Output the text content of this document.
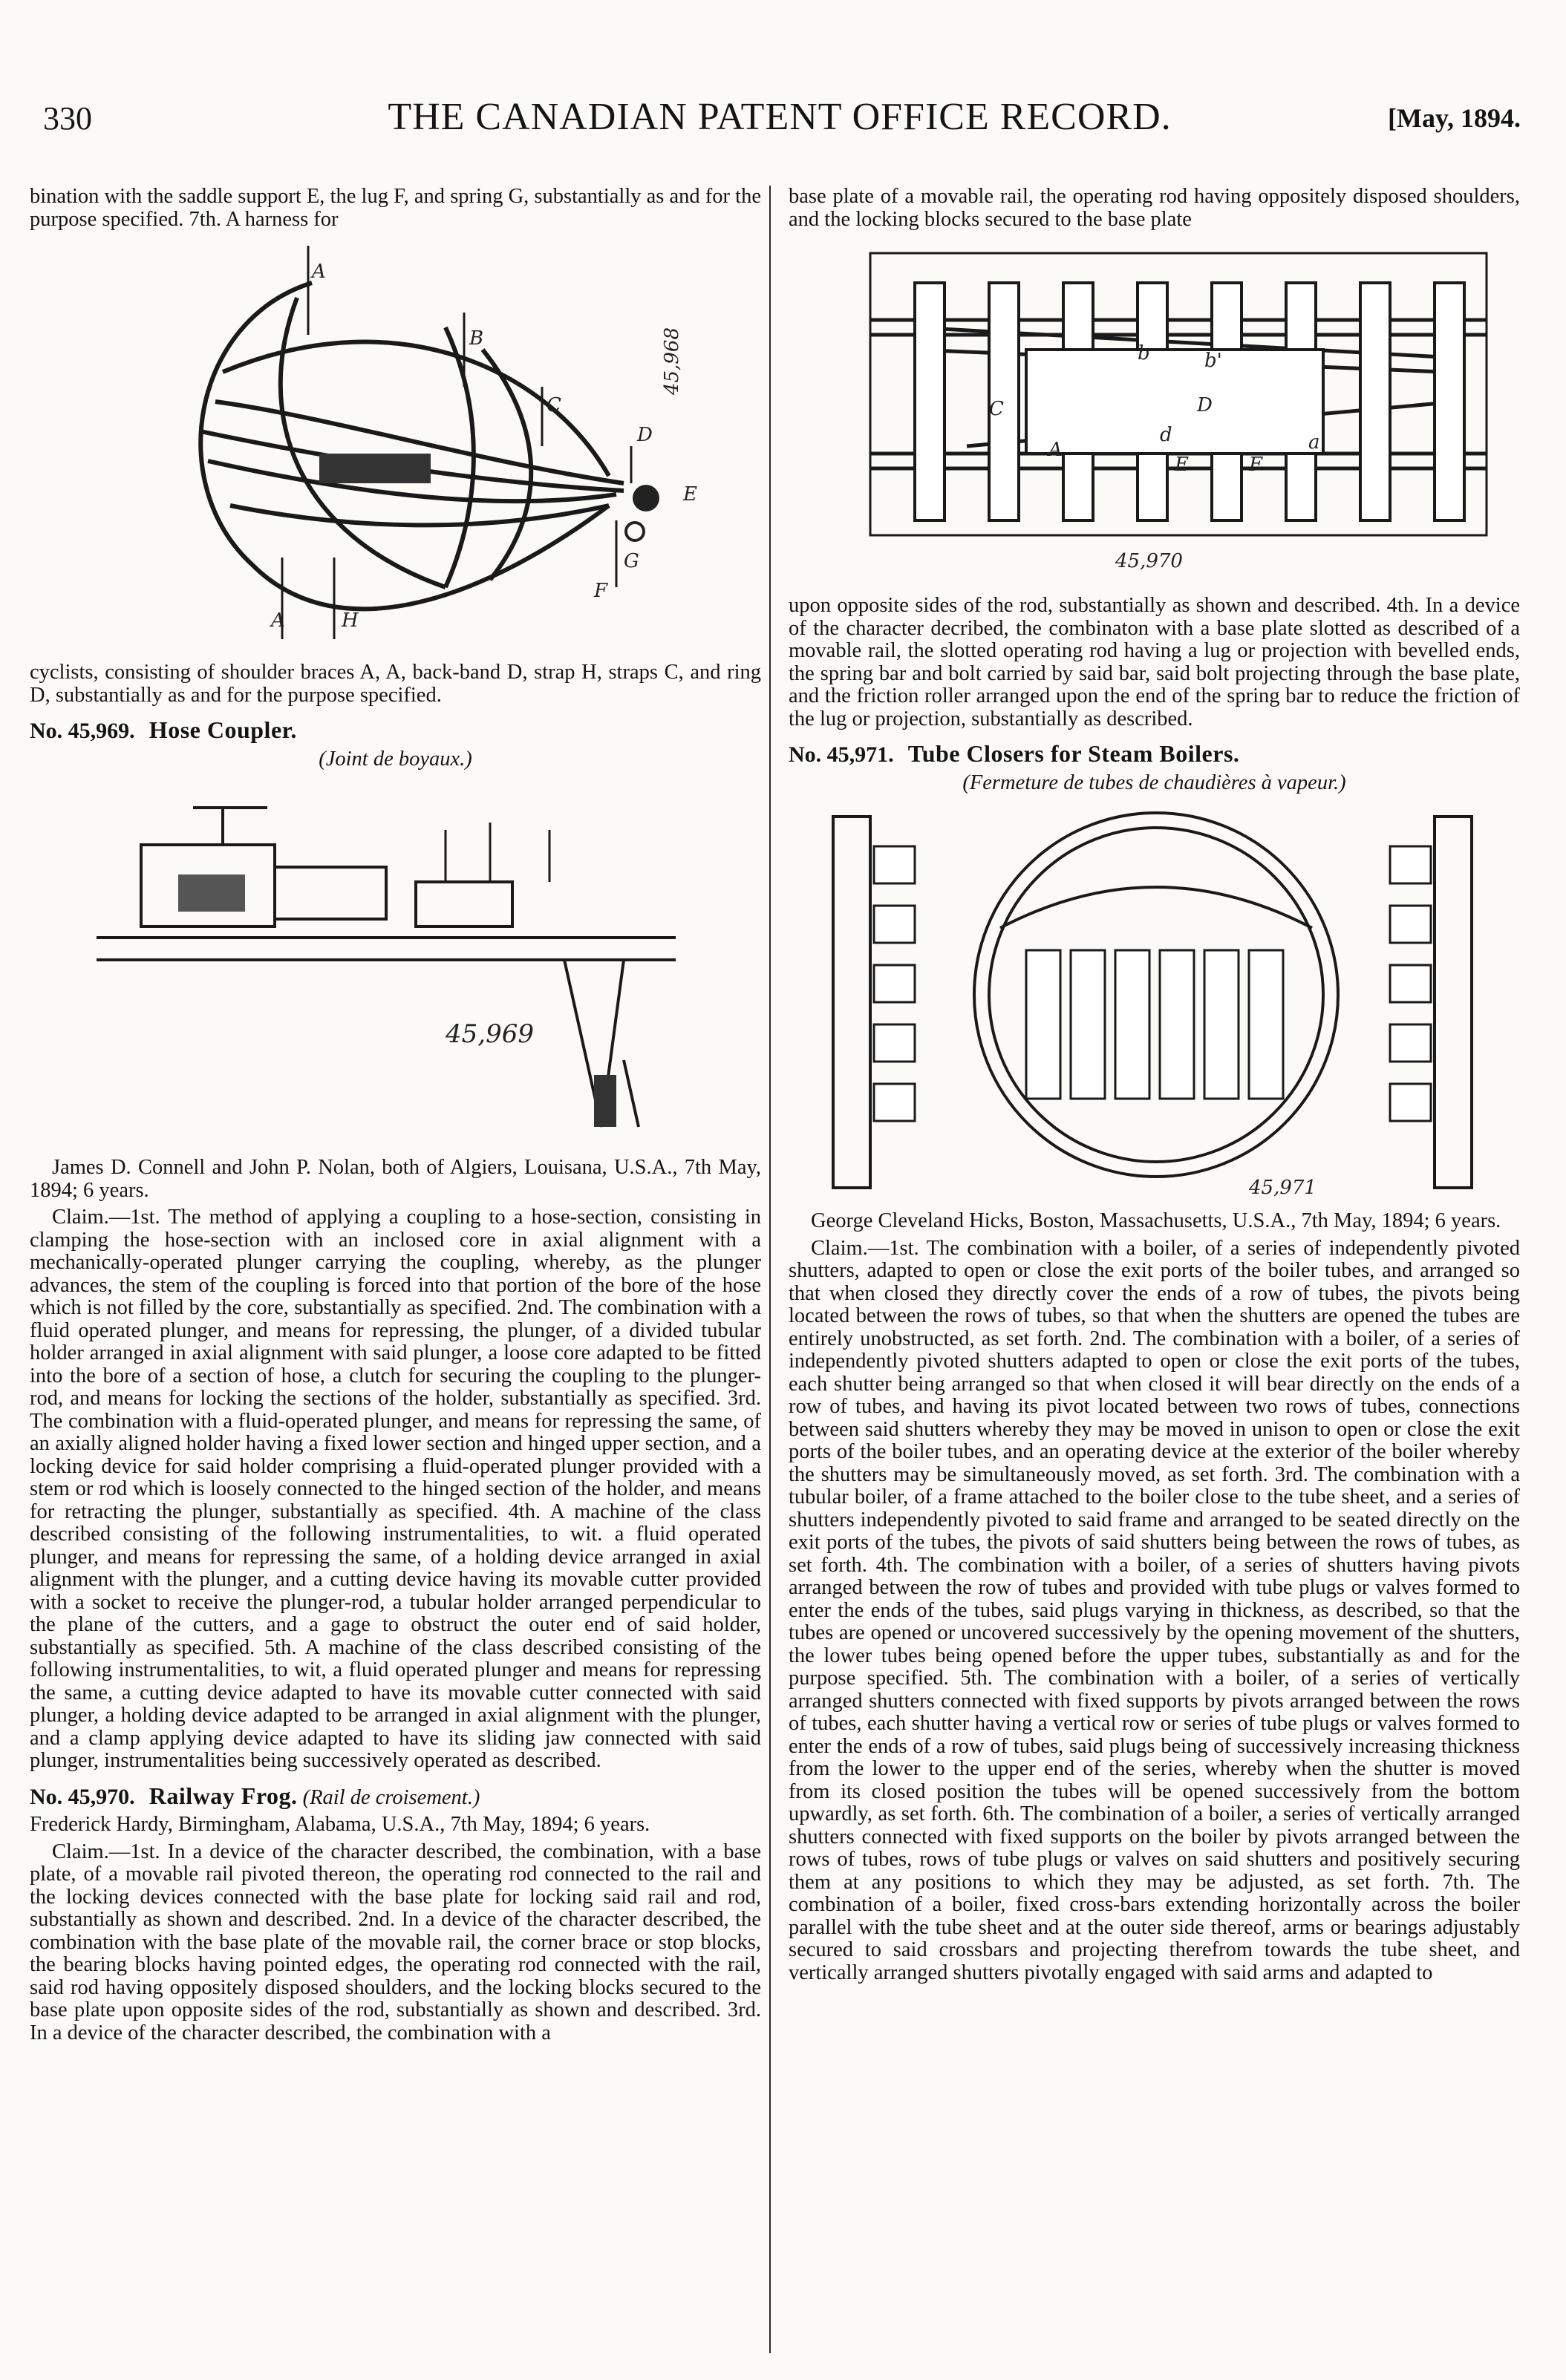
330	THE CANADIAN PATENT OFFICE RECORD.	[May, 1894.

bination with the saddle support E, the lug F, and spring G, substantially as and for the purpose specified. 7th. A harness for

A
B
C
D
A	H
E
F
G
45,968

cyclists, consisting of shoulder braces A, A, back-band D, strap H, straps C, and ring D, substantially as and for the purpose specified.

No. 45,969. Hose Coupler.

(Joint de boyaux.)

45,969

James D. Connell and John P. Nolan, both of Algiers, Louisana, U.S.A., 7th May, 1894; 6 years.

Claim.—1st. The method of applying a coupling to a hose-section, consisting in clamping the hose-section with an inclosed core in axial alignment with a mechanically-operated plunger carrying the coupling, whereby, as the plunger advances, the stem of the coupling is forced into that portion of the bore of the hose which is not filled by the core, substantially as specified. 2nd. The combination with a fluid operated plunger, and means for repressing, the plunger, of a divided tubular holder arranged in axial alignment with said plunger, a loose core adapted to be fitted into the bore of a section of hose, a clutch for securing the coupling to the plunger-rod, and means for locking the sections of the holder, substantially as specified. 3rd. The combination with a fluid-operated plunger, and means for repressing the same, of an axially aligned holder having a fixed lower section and hinged upper section, and a locking device for said holder comprising a fluid-operated plunger provided with a stem or rod which is loosely connected to the hinged section of the holder, and means for retracting the plunger, substantially as specified. 4th. A machine of the class described consisting of the following instrumentalities, to wit. a fluid operated plunger, and means for repressing the same, of a holding device arranged in axial alignment with the plunger, and a cutting device having its movable cutter provided with a socket to receive the plunger-rod, a tubular holder arranged perpendicular to the plane of the cutters, and a gage to obstruct the outer end of said holder, substantially as specified. 5th. A machine of the class described consisting of the following instrumentalities, to wit, a fluid operated plunger and means for repressing the same, a cutting device adapted to have its movable cutter connected with said plunger, a holding device adapted to be arranged in axial alignment with the plunger, and a clamp applying device adapted to have its sliding jaw connected with said plunger, instrumentalities being successively operated as described.

No. 45,970. Railway Frog. (Rail de croisement.)

Frederick Hardy, Birmingham, Alabama, U.S.A., 7th May, 1894; 6 years.

Claim.—1st. In a device of the character described, the combination, with a base plate, of a movable rail pivoted thereon, the operating rod connected to the rail and the locking devices connected with the base plate for locking said rail and rod, substantially as shown and described. 2nd. In a device of the character described, the combination with the base plate of the movable rail, the corner brace or stop blocks, the bearing blocks having pointed edges, the operating rod connected with the rail, said rod having oppositely disposed shoulders, and the locking blocks secured to the base plate upon opposite sides of the rod, substantially as shown and described. 3rd. In a device of the character described, the combination with a

base plate of a movable rail, the operating rod having oppositely disposed shoulders, and the locking blocks secured to the base plate

b	b'
C	D
d
A
E	F
a
45,970

upon opposite sides of the rod, substantially as shown and described. 4th. In a device of the character decribed, the combinaton with a base plate slotted as described of a movable rail, the slotted operating rod having a lug or projection with bevelled ends, the spring bar and bolt carried by said bar, said bolt projecting through the base plate, and the friction roller arranged upon the end of the spring bar to reduce the friction of the lug or projection, substantially as described.

No. 45,971. Tube Closers for Steam Boilers.

(Fermeture de tubes de chaudières à vapeur.)

45,971

George Cleveland Hicks, Boston, Massachusetts, U.S.A., 7th May, 1894; 6 years.

Claim.—1st. The combination with a boiler, of a series of independently pivoted shutters, adapted to open or close the exit ports of the boiler tubes, and arranged so that when closed they directly cover the ends of a row of tubes, the pivots being located between the rows of tubes, so that when the shutters are opened the tubes are entirely unobstructed, as set forth. 2nd. The combination with a boiler, of a series of independently pivoted shutters adapted to open or close the exit ports of the tubes, each shutter being arranged so that when closed it will bear directly on the ends of a row of tubes, and having its pivot located between two rows of tubes, connections between said shutters whereby they may be moved in unison to open or close the exit ports of the boiler tubes, and an operating device at the exterior of the boiler whereby the shutters may be simultaneously moved, as set forth. 3rd. The combination with a tubular boiler, of a frame attached to the boiler close to the tube sheet, and a series of shutters independently pivoted to said frame and arranged to be seated directly on the exit ports of the tubes, the pivots of said shutters being between the rows of tubes, as set forth. 4th. The combination with a boiler, of a series of shutters having pivots arranged between the row of tubes and provided with tube plugs or valves formed to enter the ends of the tubes, said plugs varying in thickness, as described, so that the tubes are opened or uncovered successively by the opening movement of the shutters, the lower tubes being opened before the upper tubes, substantially as and for the purpose specified. 5th. The combination with a boiler, of a series of vertically arranged shutters connected with fixed supports by pivots arranged between the rows of tubes, each shutter having a vertical row or series of tube plugs or valves formed to enter the ends of a row of tubes, said plugs being of successively increasing thickness from the lower to the upper end of the series, whereby when the shutter is moved from its closed position the tubes will be opened successively from the bottom upwardly, as set forth. 6th. The combination of a boiler, a series of vertically arranged shutters connected with fixed supports on the boiler by pivots arranged between the rows of tubes, rows of tube plugs or valves on said shutters and positively securing them at any positions to which they may be adjusted, as set forth. 7th. The combination of a boiler, fixed cross-bars extending horizontally across the boiler parallel with the tube sheet and at the outer side thereof, arms or bearings adjustably secured to said crossbars and projecting therefrom towards the tube sheet, and vertically arranged shutters pivotally engaged with said arms and adapted to
